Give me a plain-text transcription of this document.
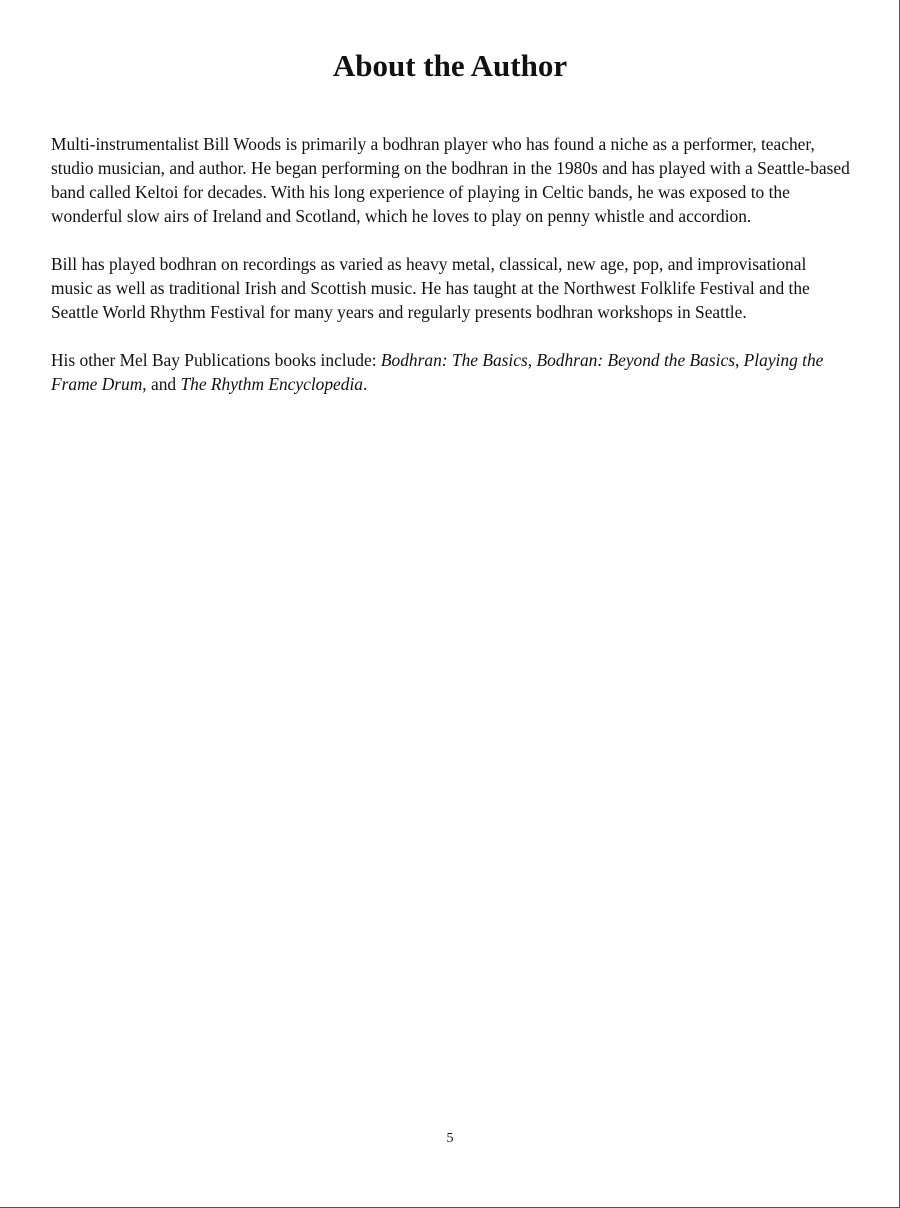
About the Author

Multi-instrumentalist Bill Woods is primarily a bodhran player who has found a niche as a performer, teacher, studio musician, and author. He began performing on the bodhran in the 1980s and has played with a Seattle-based band called Keltoi for decades. With his long experience of playing in Celtic bands, he was exposed to the wonderful slow airs of Ireland and Scotland, which he loves to play on penny whistle and accordion.

Bill has played bodhran on recordings as varied as heavy metal, classical, new age, pop, and improvisational music as well as traditional Irish and Scottish music. He has taught at the Northwest Folklife Festival and the Seattle World Rhythm Festival for many years and regularly presents bodhran workshops in Seattle.

His other Mel Bay Publications books include: Bodhran: The Basics, Bodhran: Beyond the Basics, Playing the Frame Drum, and The Rhythm Encyclopedia.

5
